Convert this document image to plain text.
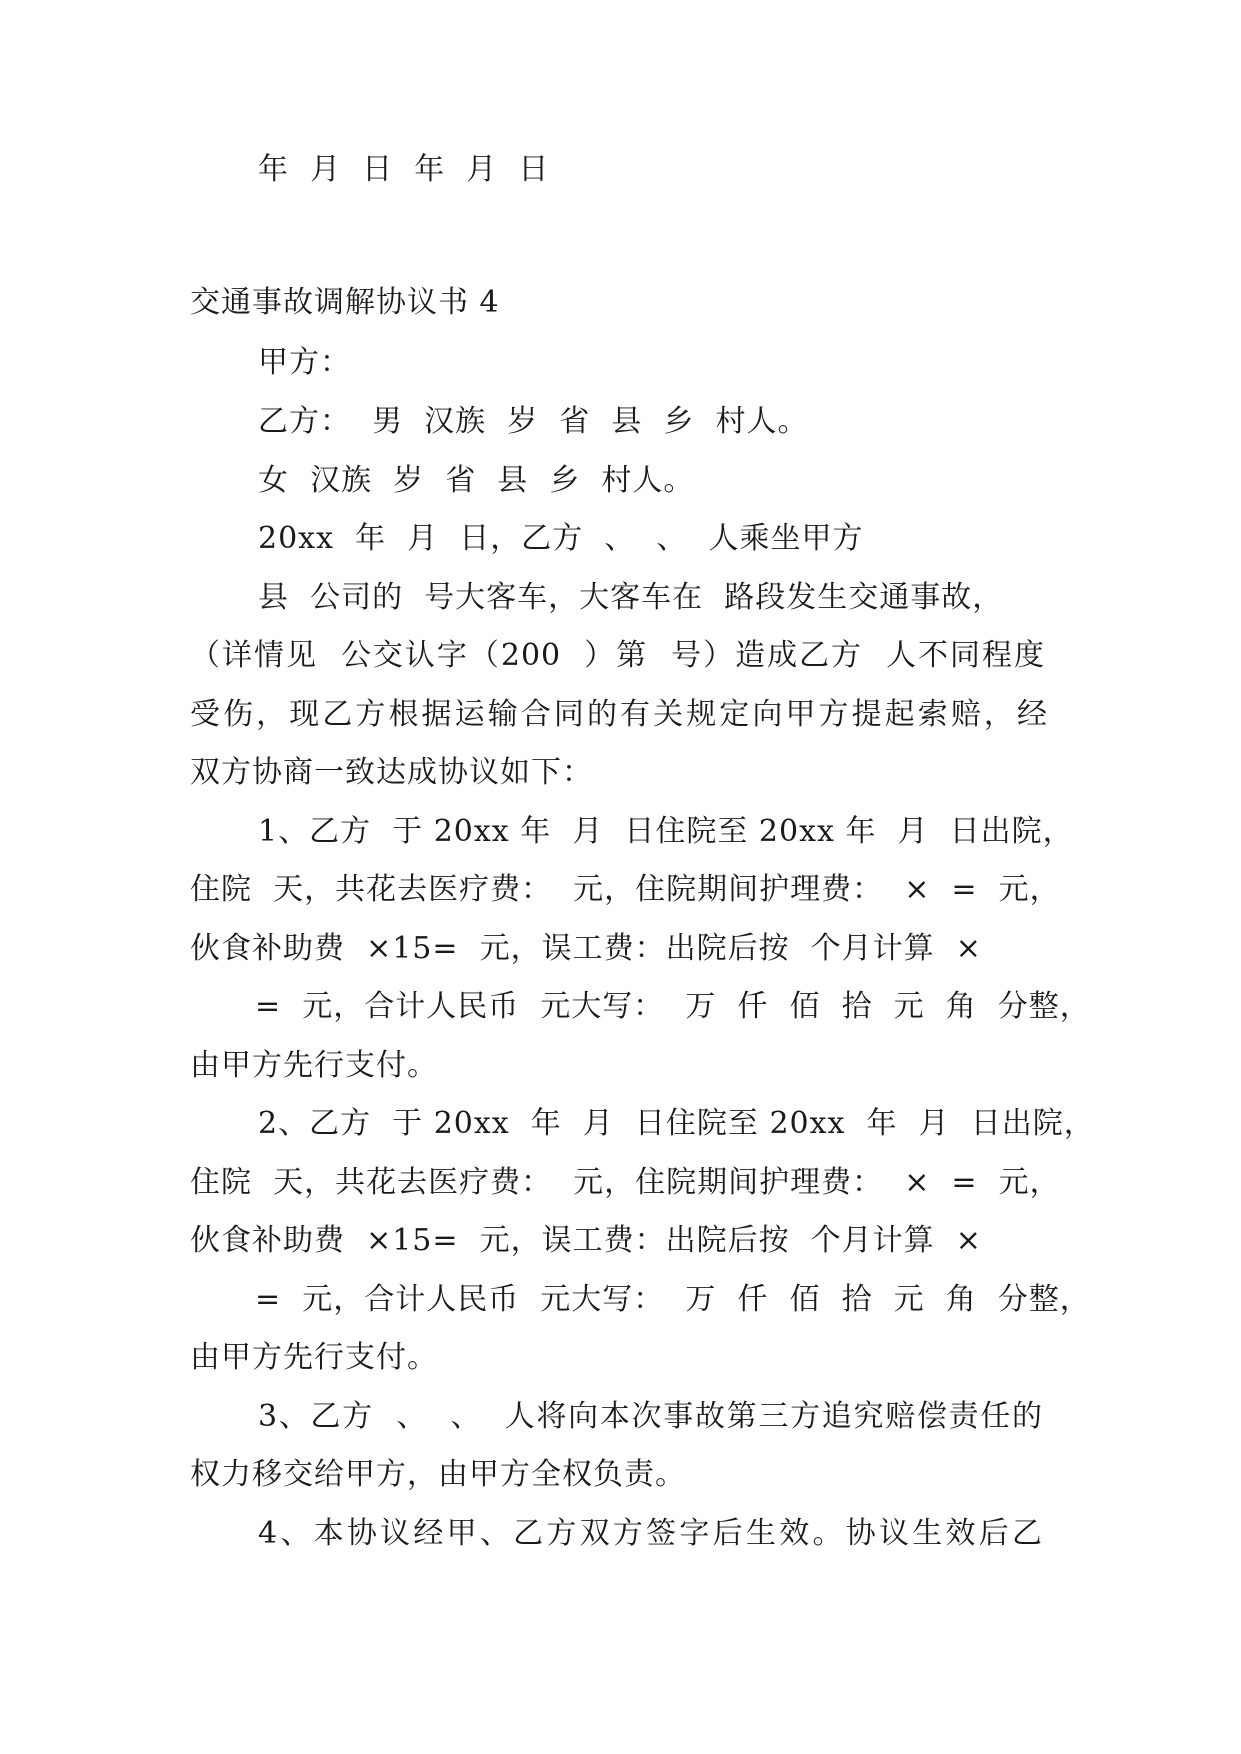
年  月  日  年  月  日
交通事故调解协议书 4
甲方：
乙方：  男  汉族  岁  省  县  乡  村人。
女  汉族  岁  省  县  乡  村人。
20xx  年  月  日，乙方  、  、  人乘坐甲方
县  公司的  号大客车，大客车在  路段发生交通事故，
（详情见  公交认字（200  ）第  号）造成乙方  人不同程度
受伤，现乙方根据运输合同的有关规定向甲方提起索赔，经
双方协商一致达成协议如下：
1、乙方  于 20xx 年  月  日住院至 20xx 年  月  日出院，
住院  天，共花去医疗费：  元，住院期间护理费：  ×  =  元，
伙食补助费  ×15=  元，误工费：出院后按  个月计算  ×
=  元，合计人民币  元大写：  万  仟  佰  拾  元  角  分整，
由甲方先行支付。
2、乙方  于 20xx  年  月  日住院至 20xx  年  月  日出院，
住院  天，共花去医疗费：  元，住院期间护理费：  ×  =  元，
伙食补助费  ×15=  元，误工费：出院后按  个月计算  ×
=  元，合计人民币  元大写：  万  仟  佰  拾  元  角  分整，
由甲方先行支付。
3、乙方  、  、  人将向本次事故第三方追究赔偿责任的
权力移交给甲方，由甲方全权负责。
4、本协议经甲、乙方双方签字后生效。协议生效后乙
